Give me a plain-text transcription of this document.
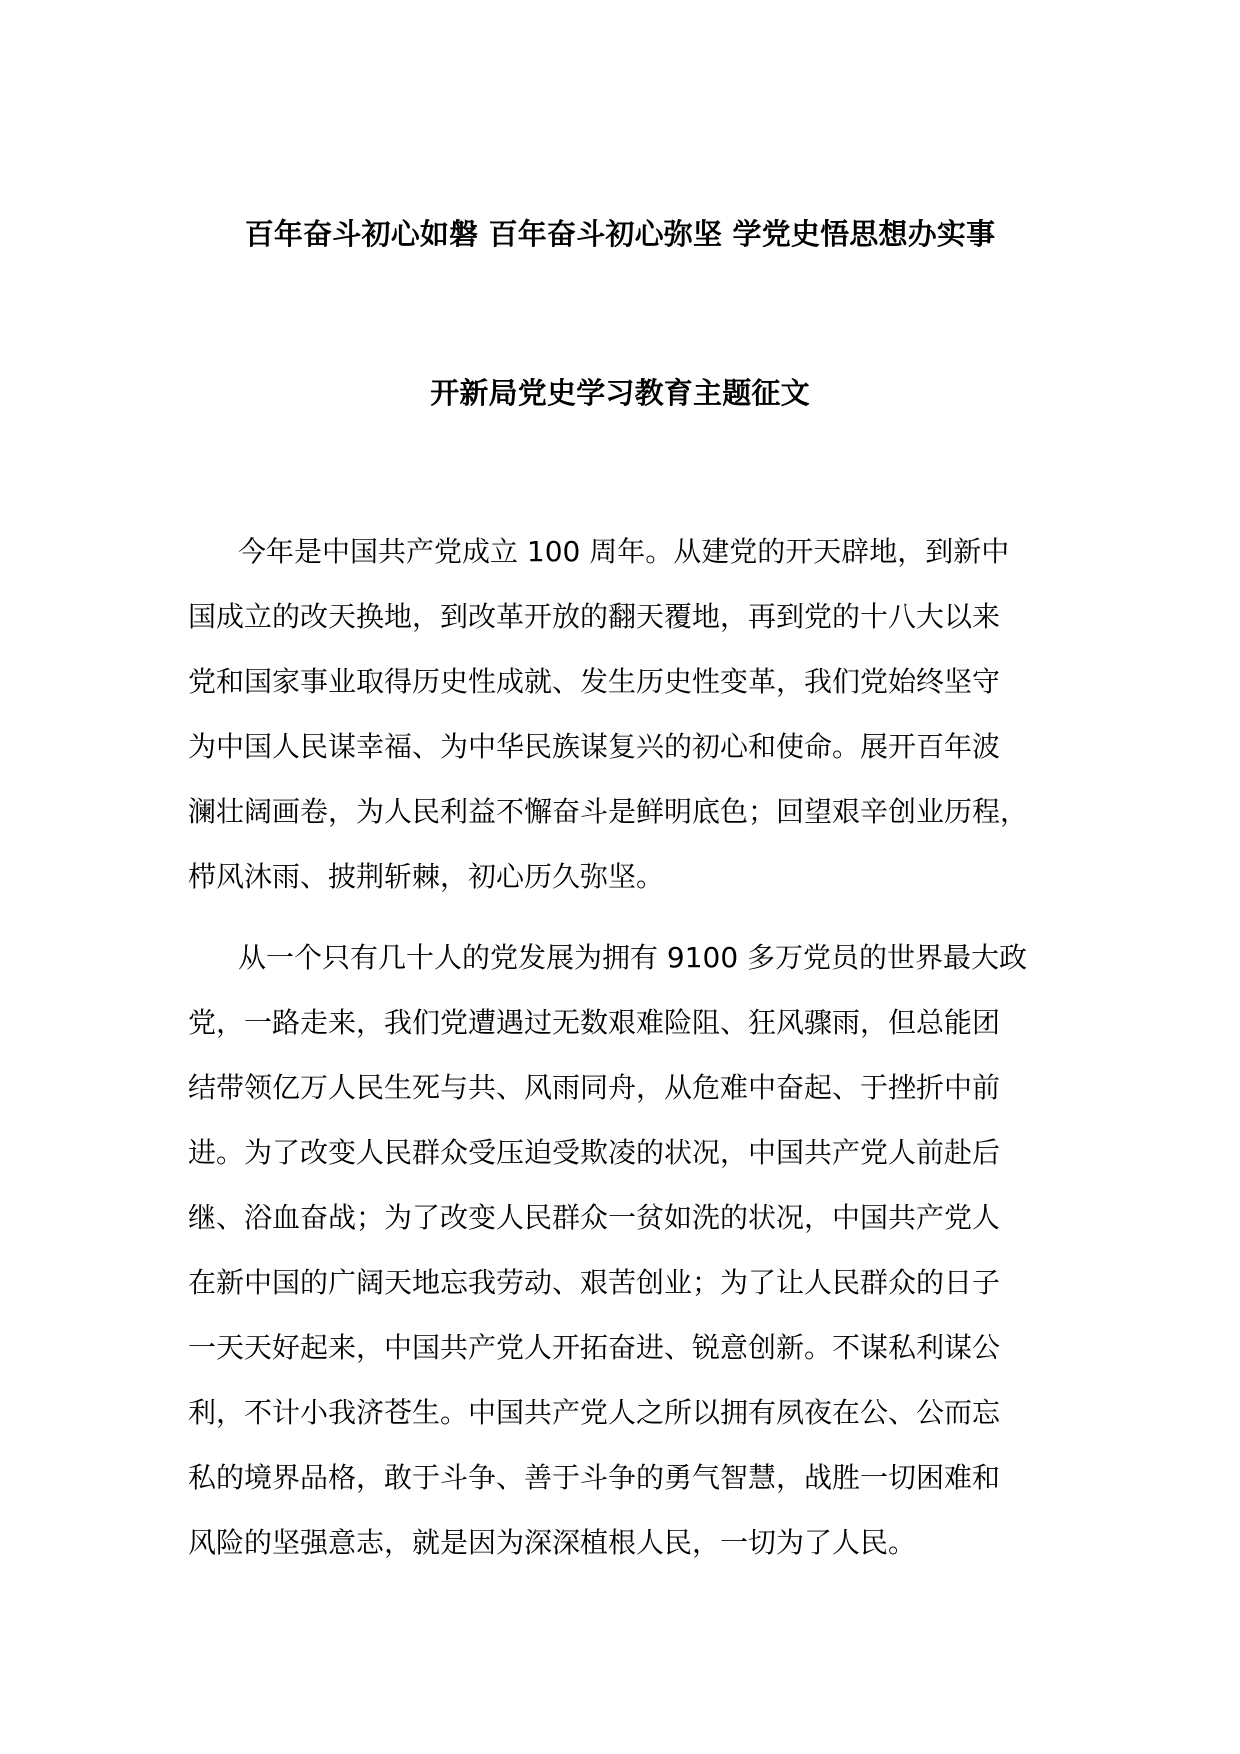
百年奋斗初心如磐 百年奋斗初心弥坚 学党史悟思想办实事
开新局党史学习教育主题征文
今年是中国共产党成立 100 周年。从建党的开天辟地，到新中
国成立的改天换地，到改革开放的翻天覆地，再到党的十八大以来
党和国家事业取得历史性成就、发生历史性变革，我们党始终坚守
为中国人民谋幸福、为中华民族谋复兴的初心和使命。展开百年波
澜壮阔画卷，为人民利益不懈奋斗是鲜明底色；回望艰辛创业历程，
栉风沐雨、披荆斩棘，初心历久弥坚。
从一个只有几十人的党发展为拥有 9100 多万党员的世界最大政
党，一路走来，我们党遭遇过无数艰难险阻、狂风骤雨，但总能团
结带领亿万人民生死与共、风雨同舟，从危难中奋起、于挫折中前
进。为了改变人民群众受压迫受欺凌的状况，中国共产党人前赴后
继、浴血奋战；为了改变人民群众一贫如洗的状况，中国共产党人
在新中国的广阔天地忘我劳动、艰苦创业；为了让人民群众的日子
一天天好起来，中国共产党人开拓奋进、锐意创新。不谋私利谋公
利，不计小我济苍生。中国共产党人之所以拥有夙夜在公、公而忘
私的境界品格，敢于斗争、善于斗争的勇气智慧，战胜一切困难和
风险的坚强意志，就是因为深深植根人民，一切为了人民。
